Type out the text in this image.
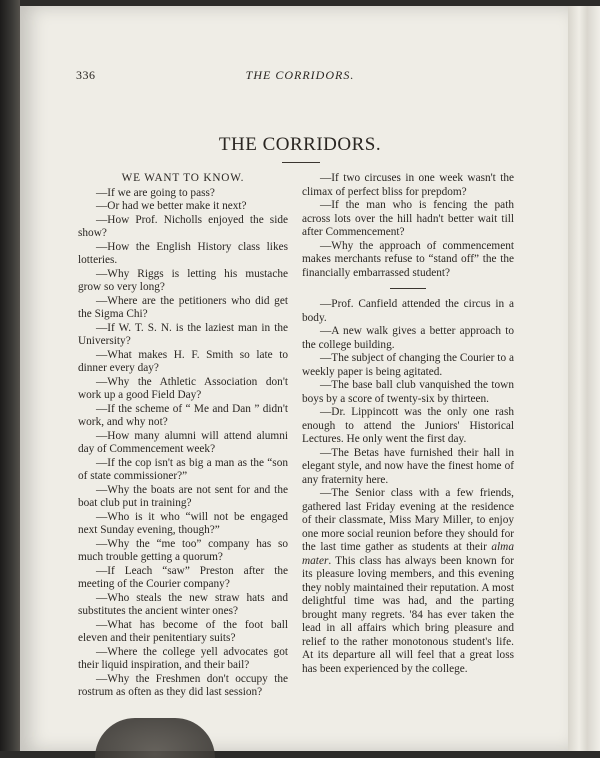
336	THE CORRIDORS.
THE CORRIDORS.

WE WANT TO KNOW.

—If we are going to pass?

—Or had we better make it next?

—How Prof. Nicholls enjoyed the side show?

—How the English History class likes lotteries.

—Why Riggs is letting his mustache grow so very long?

—Where are the petitioners who did get the Sigma Chi?

—If W. T. S. N. is the laziest man in the University?

—What makes H. F. Smith so late to dinner every day?

—Why the Athletic Association don't work up a good Field Day?

—If the scheme of “ Me and Dan ” didn't work, and why not?

—How many alumni will attend alumni day of Commencement week?

—If the cop isn't as big a man as the “son of state commissioner?”

—Why the boats are not sent for and the boat club put in training?

—Who is it who “will not be engaged next Sunday evening, though?”

—Why the “me too” company has so much trouble getting a quorum?

—If Leach “saw” Preston after the meeting of the Courier company?

—Who steals the new straw hats and substitutes the ancient winter ones?

—What has become of the foot ball eleven and their penitentiary suits?

—Where the college yell advocates got their liquid inspiration, and their bail?

—Why the Freshmen don't occupy the rostrum as often as they did last session?

—If two circuses in one week wasn't the climax of perfect bliss for prepdom?

—If the man who is fencing the path across lots over the hill hadn't better wait till after Commencement?

—Why the approach of commencement makes merchants refuse to “stand off” the the financially embarrassed student?

—Prof. Canfield attended the circus in a body.

—A new walk gives a better approach to the college building.

—The subject of changing the Courier to a weekly paper is being agitated.

—The base ball club vanquished the town boys by a score of twenty-six by thirteen.

—Dr. Lippincott was the only one rash enough to attend the Juniors' Historical Lectures. He only went the first day.

—The Betas have furnished their hall in elegant style, and now have the finest home of any fraternity here.

—The Senior class with a few friends, gathered last Friday evening at the residence of their classmate, Miss Mary Miller, to enjoy one more social reunion before they should for the last time gather as students at their alma mater. This class has always been known for its pleasure loving members, and this evening they nobly maintained their reputation. A most delightful time was had, and the parting brought many regrets. '84 has ever taken the lead in all affairs which bring pleasure and relief to the rather monotonous student's life. At its departure all will feel that a great loss has been experienced by the college.
